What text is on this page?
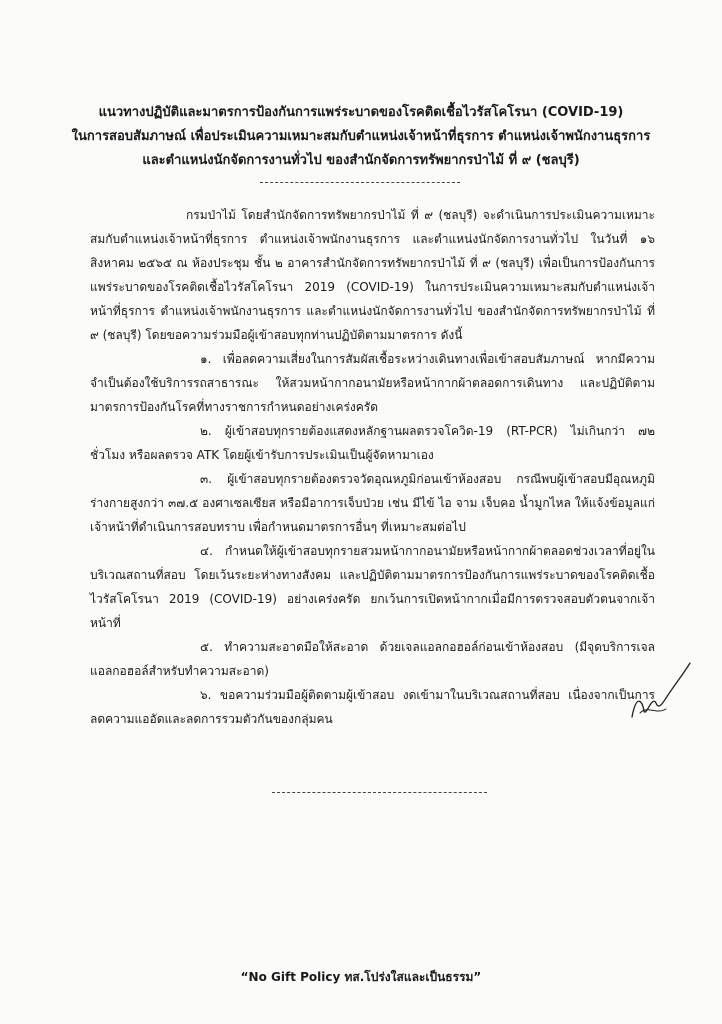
แนวทางปฏิบัติและมาตรการป้องกันการแพร่ระบาดของโรคติดเชื้อไวรัสโคโรนา (COVID-19)
ในการสอบสัมภาษณ์ เพื่อประเมินความเหมาะสมกับตำแหน่งเจ้าหน้าที่ธุรการ ตำแหน่งเจ้าพนักงานธุรการ
และตำแหน่งนักจัดการงานทั่วไป ของสำนักจัดการทรัพยากรป่าไม้ ที่ ๙ (ชลบุรี)

กรมป่าไม้ โดยสำนักจัดการทรัพยากรป่าไม้ ที่ ๙ (ชลบุรี) จะดำเนินการประเมินความเหมาะสมกับตำแหน่งเจ้าหน้าที่ธุรการ ตำแหน่งเจ้าพนักงานธุรการ และตำแหน่งนักจัดการงานทั่วไป ในวันที่ ๑๖ สิงหาคม ๒๕๖๕ ณ ห้องประชุม ชั้น ๒ อาคารสำนักจัดการทรัพยากรป่าไม้ ที่ ๙ (ชลบุรี) เพื่อเป็นการป้องกันการแพร่ระบาดของโรคติดเชื้อไวรัสโคโรนา 2019 (COVID-19) ในการประเมินความเหมาะสมกับตำแหน่งเจ้าหน้าที่ธุรการ ตำแหน่งเจ้าพนักงานธุรการ และตำแหน่งนักจัดการงานทั่วไป ของสำนักจัดการทรัพยากรป่าไม้ ที่ ๙ (ชลบุรี) โดยขอความร่วมมือผู้เข้าสอบทุกท่านปฏิบัติตามมาตรการ ดังนี้

๑. เพื่อลดความเสี่ยงในการสัมผัสเชื้อระหว่างเดินทางเพื่อเข้าสอบสัมภาษณ์ หากมีความจำเป็นต้องใช้บริการรถสาธารณะ ให้สวมหน้ากากอนามัยหรือหน้ากากผ้าตลอดการเดินทาง และปฏิบัติตามมาตรการป้องกันโรคที่ทางราชการกำหนดอย่างเคร่งครัด

๒. ผู้เข้าสอบทุกรายต้องแสดงหลักฐานผลตรวจโควิด-19 (RT-PCR) ไม่เกินกว่า ๗๒ ชั่วโมง หรือผลตรวจ ATK โดยผู้เข้ารับการประเมินเป็นผู้จัดหามาเอง

๓. ผู้เข้าสอบทุกรายต้องตรวจวัดอุณหภูมิก่อนเข้าห้องสอบ กรณีพบผู้เข้าสอบมีอุณหภูมิร่างกายสูงกว่า ๓๗.๕ องศาเซลเซียส หรือมีอาการเจ็บป่วย เช่น มีไข้ ไอ จาม เจ็บคอ น้ำมูกไหล ให้แจ้งข้อมูลแก่เจ้าหน้าที่ดำเนินการสอบทราบ เพื่อกำหนดมาตรการอื่นๆ ที่เหมาะสมต่อไป

๔. กำหนดให้ผู้เข้าสอบทุกรายสวมหน้ากากอนามัยหรือหน้ากากผ้าตลอดช่วงเวลาที่อยู่ในบริเวณสถานที่สอบ โดยเว้นระยะห่างทางสังคม และปฏิบัติตามมาตรการป้องกันการแพร่ระบาดของโรคติดเชื้อไวรัสโคโรนา 2019 (COVID-19) อย่างเคร่งครัด ยกเว้นการเปิดหน้ากากเมื่อมีการตรวจสอบตัวตนจากเจ้าหน้าที่

๕. ทำความสะอาดมือให้สะอาด ด้วยเจลแอลกอฮอล์ก่อนเข้าห้องสอบ (มีจุดบริการเจลแอลกอฮอล์สำหรับทำความสะอาด)

๖. ขอความร่วมมือผู้ติดตามผู้เข้าสอบ งดเข้ามาในบริเวณสถานที่สอบ เนื่องจากเป็นการลดความแออัดและลดการรวมตัวกันของกลุ่มคน

“No Gift Policy ทส.โปร่งใสและเป็นธรรม”
